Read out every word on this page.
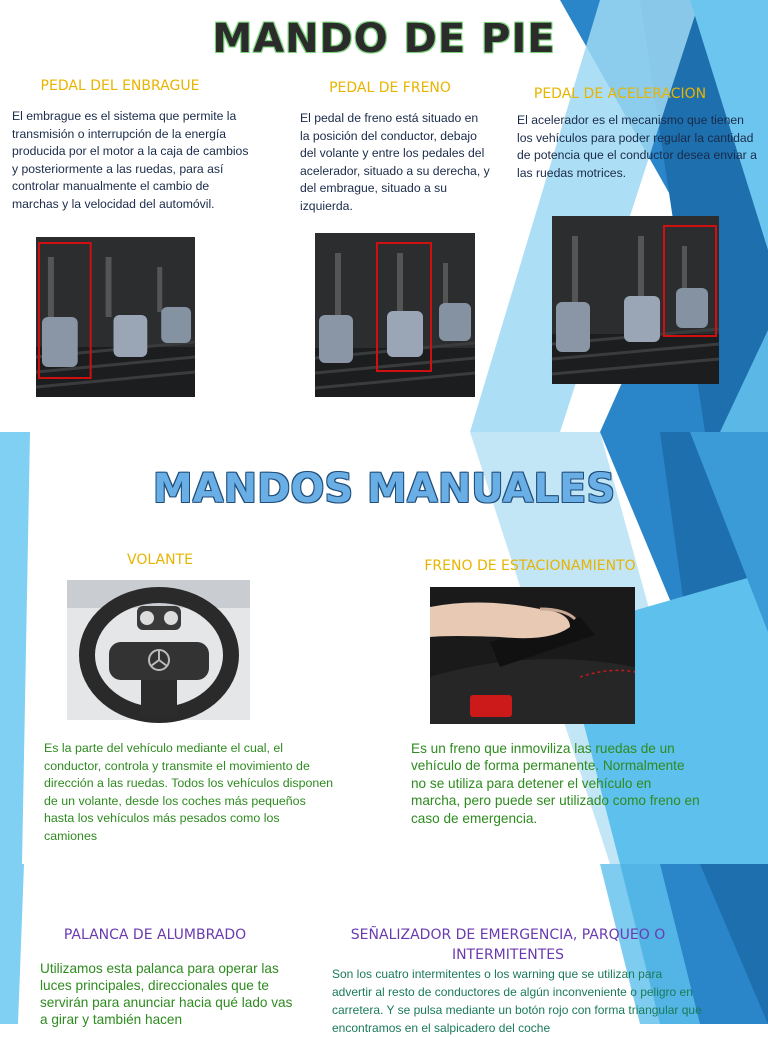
MANDO DE PIE
PEDAL DEL ENBRAGUE
El embrague es el sistema que permite la transmisión o interrupción de la energía producida por el motor a la caja de cambios y posteriormente a las ruedas, para así controlar manualmente el cambio de marchas y la velocidad del automóvil.
PEDAL DE FRENO
El pedal de freno está situado en la posición del conductor, debajo del volante y entre los pedales del acelerador, situado a su derecha, y del embrague, situado a su izquierda.
PEDAL DE ACELERACION
El acelerador es el mecanismo que tienen los vehículos para poder regular la cantidad de potencia que el conductor desea enviar a las ruedas motrices.
MANDOS MANUALES
VOLANTE
Es la parte del vehículo mediante el cual, el conductor, controla y transmite el movimiento de dirección a las ruedas. Todos los vehículos disponen de un volante, desde los coches más pequeños hasta los vehículos más pesados como los camiones
FRENO DE ESTACIONAMIENTO
Es un freno que inmoviliza las ruedas de un vehículo de forma permanente. Normalmente no se utiliza para detener el vehículo en marcha, pero puede ser utilizado como freno en caso de emergencia.
PALANCA DE ALUMBRADO
Utilizamos esta palanca para operar las luces principales, direccionales que te servirán para anunciar hacia qué lado vas a girar y también hacen
SEÑALIZADOR DE EMERGENCIA, PARQUEO O INTERMITENTES
Son los cuatro intermitentes o los warning que se utilizan para advertir al resto de conductores de algún inconveniente o peligro en carretera. Y se pulsa mediante un botón rojo con forma triangular que encontramos en el salpicadero del coche
